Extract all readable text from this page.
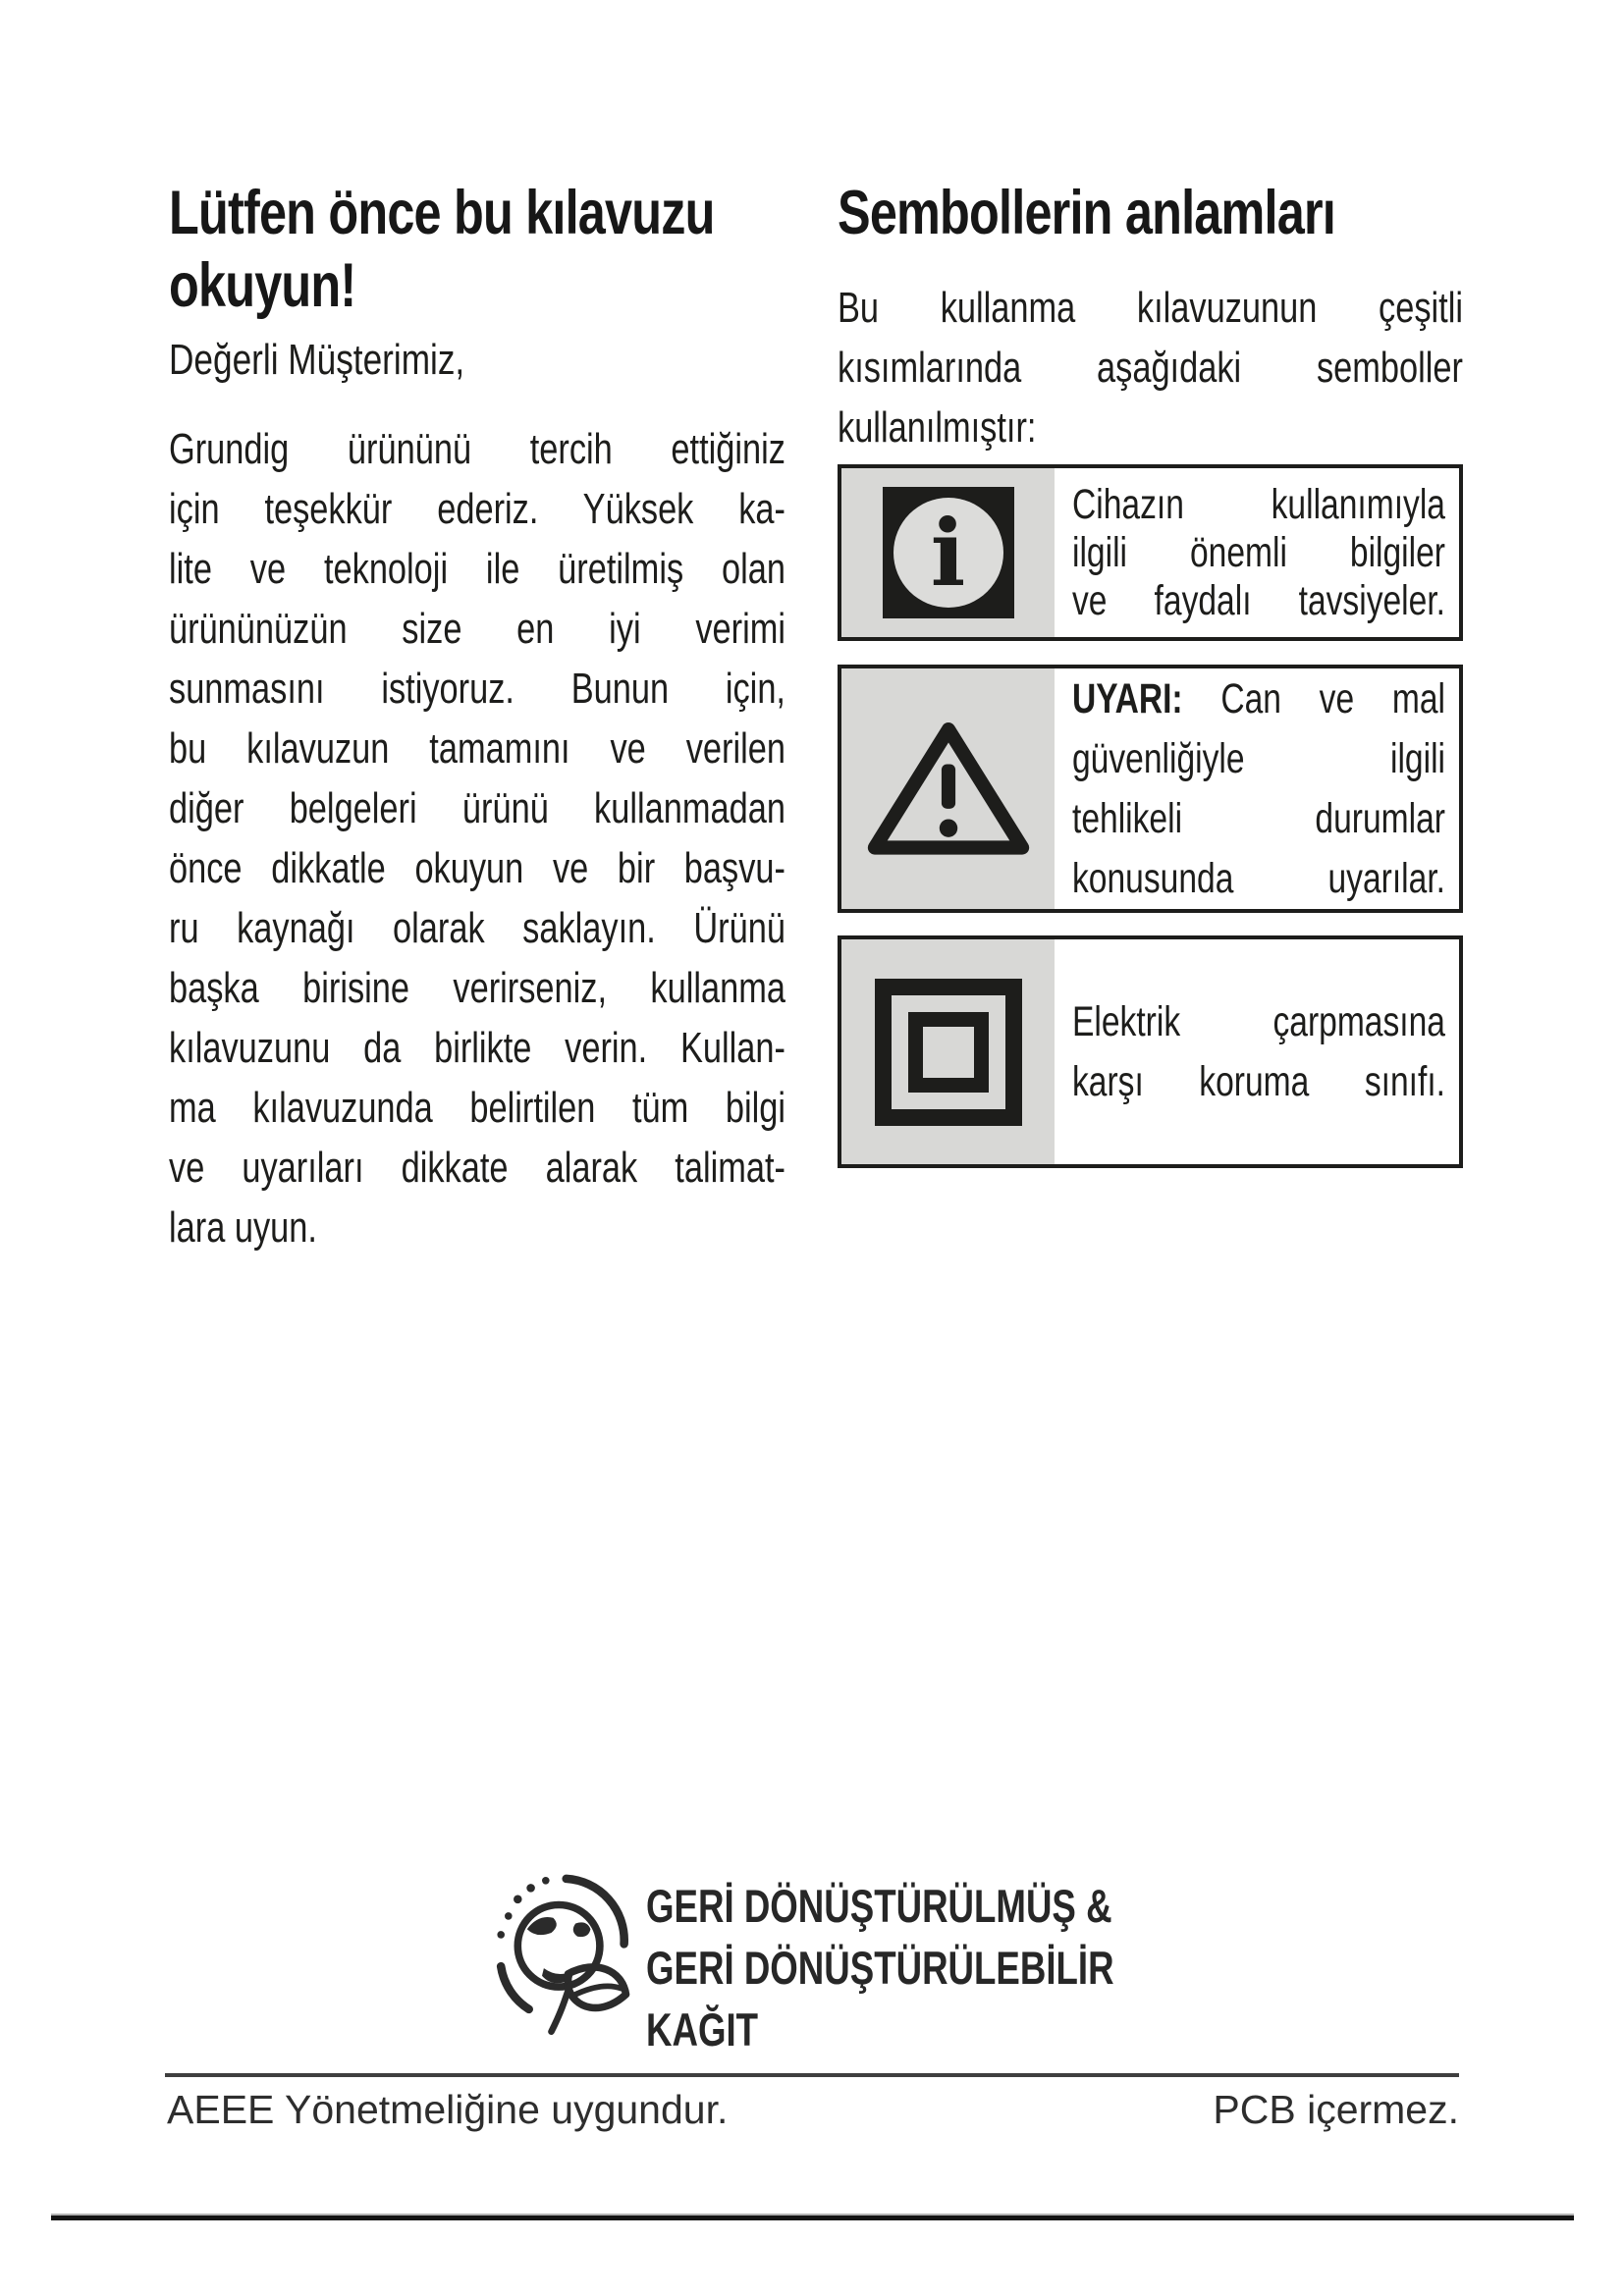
Lütfen önce bu kılavuzu
okuyun!
Değerli Müşterimiz,
Grundig ürününü tercih ettiğiniz
için teşekkür ederiz. Yüksek ka-
lite ve teknoloji ile üretilmiş olan
ürününüzün size en iyi verimi
sunmasını istiyoruz. Bunun için,
bu kılavuzun tamamını ve verilen
diğer belgeleri ürünü kullanmadan
önce dikkatle okuyun ve bir başvu-
ru kaynağı olarak saklayın. Ürünü
başka birisine verirseniz, kullanma
kılavuzunu da birlikte verin. Kullan-
ma kılavuzunda belirtilen tüm bilgi
ve uyarıları dikkate alarak talimat-
lara uyun.
Sembollerin anlamları
Bu kullanma kılavuzunun çeşitli
kısımlarında aşağıdaki semboller
kullanılmıştır:
i	Cihazın kullanımıyla
ilgili önemli bilgiler
ve faydalı tavsiyeler.
UYARI: Can ve mal
güvenliğiyle ilgili
tehlikeli durumlar
konusunda uyarılar.
Elektrik çarpmasına
karşı koruma sınıfı.
GERİ DÖNÜŞTÜRÜLMÜŞ &
GERİ DÖNÜŞTÜRÜLEBİLİR
KAĞIT
AEEE Yönetmeliğine uygundur.	PCB içermez.
